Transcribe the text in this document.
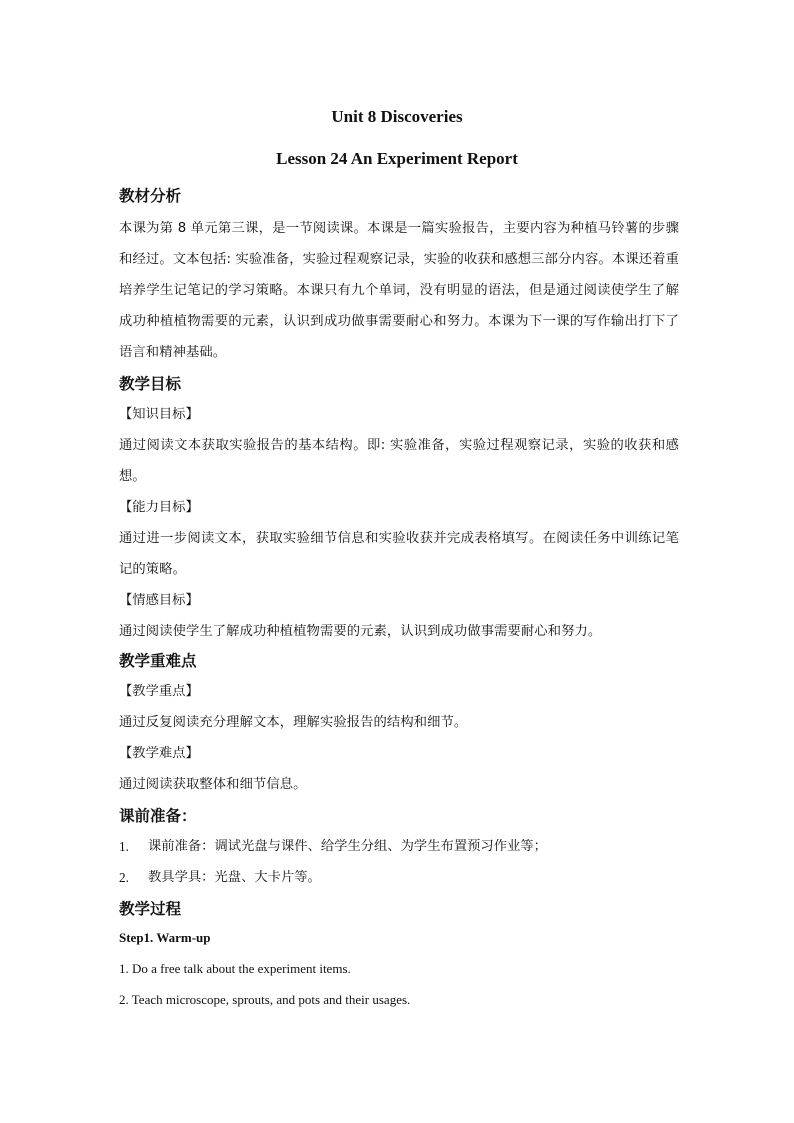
Unit 8 Discoveries
Lesson 24 An Experiment Report
教材分析
本课为第 8 单元第三课，是一节阅读课。本课是一篇实验报告，主要内容为种植马铃薯的步骤和经过。文本包括: 实验准备，实验过程观察记录，实验的收获和感想三部分内容。本课还着重培养学生记笔记的学习策略。本课只有九个单词，没有明显的语法，但是通过阅读使学生了解成功种植植物需要的元素，认识到成功做事需要耐心和努力。本课为下一课的写作输出打下了语言和精神基础。
教学目标
【知识目标】
通过阅读文本获取实验报告的基本结构。即: 实验准备，实验过程观察记录，实验的收获和感想。
【能力目标】
通过进一步阅读文本，获取实验细节信息和实验收获并完成表格填写。在阅读任务中训练记笔记的策略。
【情感目标】
通过阅读使学生了解成功种植植物需要的元素，认识到成功做事需要耐心和努力。
教学重难点
【教学重点】
通过反复阅读充分理解文本，理解实验报告的结构和细节。
【教学难点】
通过阅读获取整体和细节信息。
课前准备：
1.	课前准备：调试光盘与课件、给学生分组、为学生布置预习作业等；
2.	教具学具：光盘、大卡片等。
教学过程
Step1. Warm-up
1. Do a free talk about the experiment items.
2. Teach microscope, sprouts, and pots and their usages.
